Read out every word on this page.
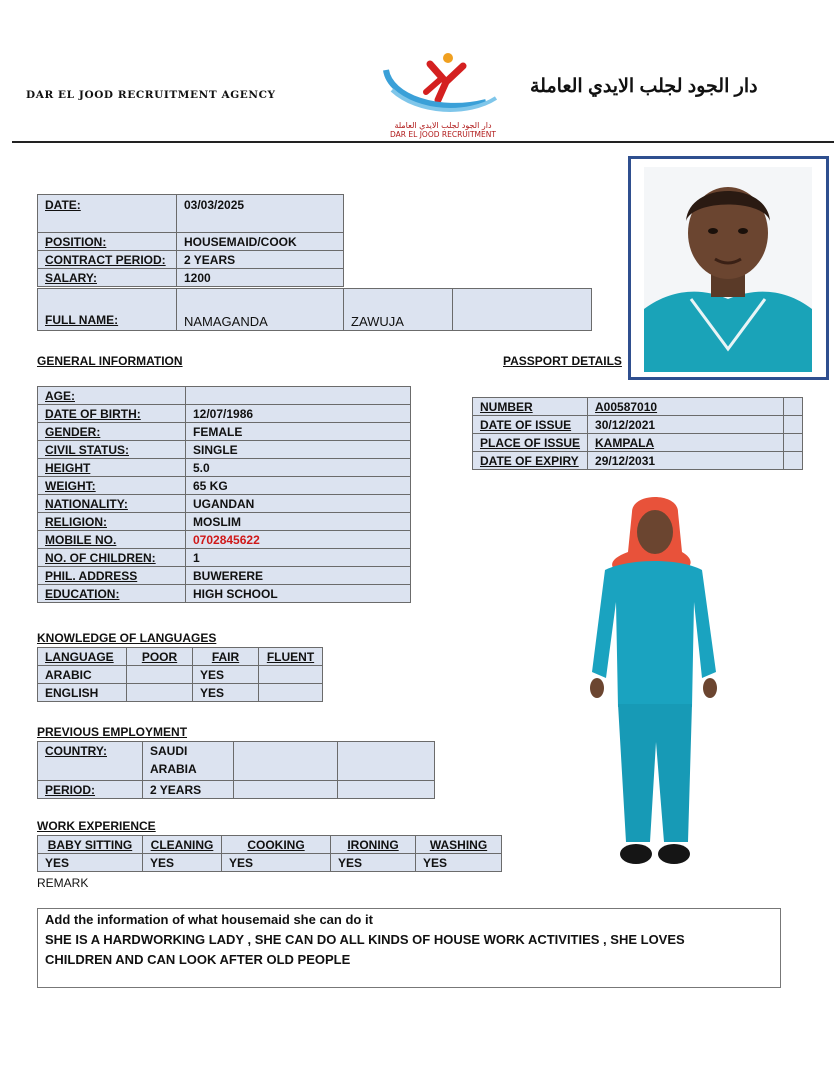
DAR EL JOOD RECRUITMENT AGENCY
دار الجود لجلب الايدي العاملة
DAR EL JOOD RECRUITMENT
دار الجود لجلب الايدي العاملة
DATE:	03/03/2025
POSITION:	HOUSEMAID/COOK
CONTRACT PERIOD:	2 YEARS
SALARY:	1200
FULL NAME:	NAMAGANDA	ZAWUJA	
GENERAL INFORMATION
AGE:	
DATE OF BIRTH:	12/07/1986
GENDER:	FEMALE
CIVIL STATUS:	SINGLE
HEIGHT	5.0
WEIGHT:	65 KG
NATIONALITY:	UGANDAN
RELIGION:	MOSLIM
MOBILE NO.	0702845622
NO. OF CHILDREN:	1
PHIL. ADDRESS	BUWERERE
EDUCATION:	HIGH SCHOOL
PASSPORT DETAILS
NUMBER	A00587010	
DATE OF ISSUE	30/12/2021	
PLACE OF ISSUE	KAMPALA	
DATE OF EXPIRY	29/12/2031	
KNOWLEDGE OF LANGUAGES
LANGUAGE	POOR	FAIR	FLUENT
ARABIC		YES	
ENGLISH		YES	
PREVIOUS EMPLOYMENT
COUNTRY:	SAUDI
ARABIA		

PERIOD:	2 YEARS		
WORK EXPERIENCE
BABY SITTING	CLEANING	COOKING	IRONING	WASHING
YES	YES	YES	YES	YES
REMARK
Add the information of what housemaid she can do it
SHE IS A HARDWORKING LADY , SHE CAN DO ALL KINDS OF HOUSE WORK ACTIVITIES , SHE LOVES
CHILDREN AND CAN LOOK AFTER OLD PEOPLE
